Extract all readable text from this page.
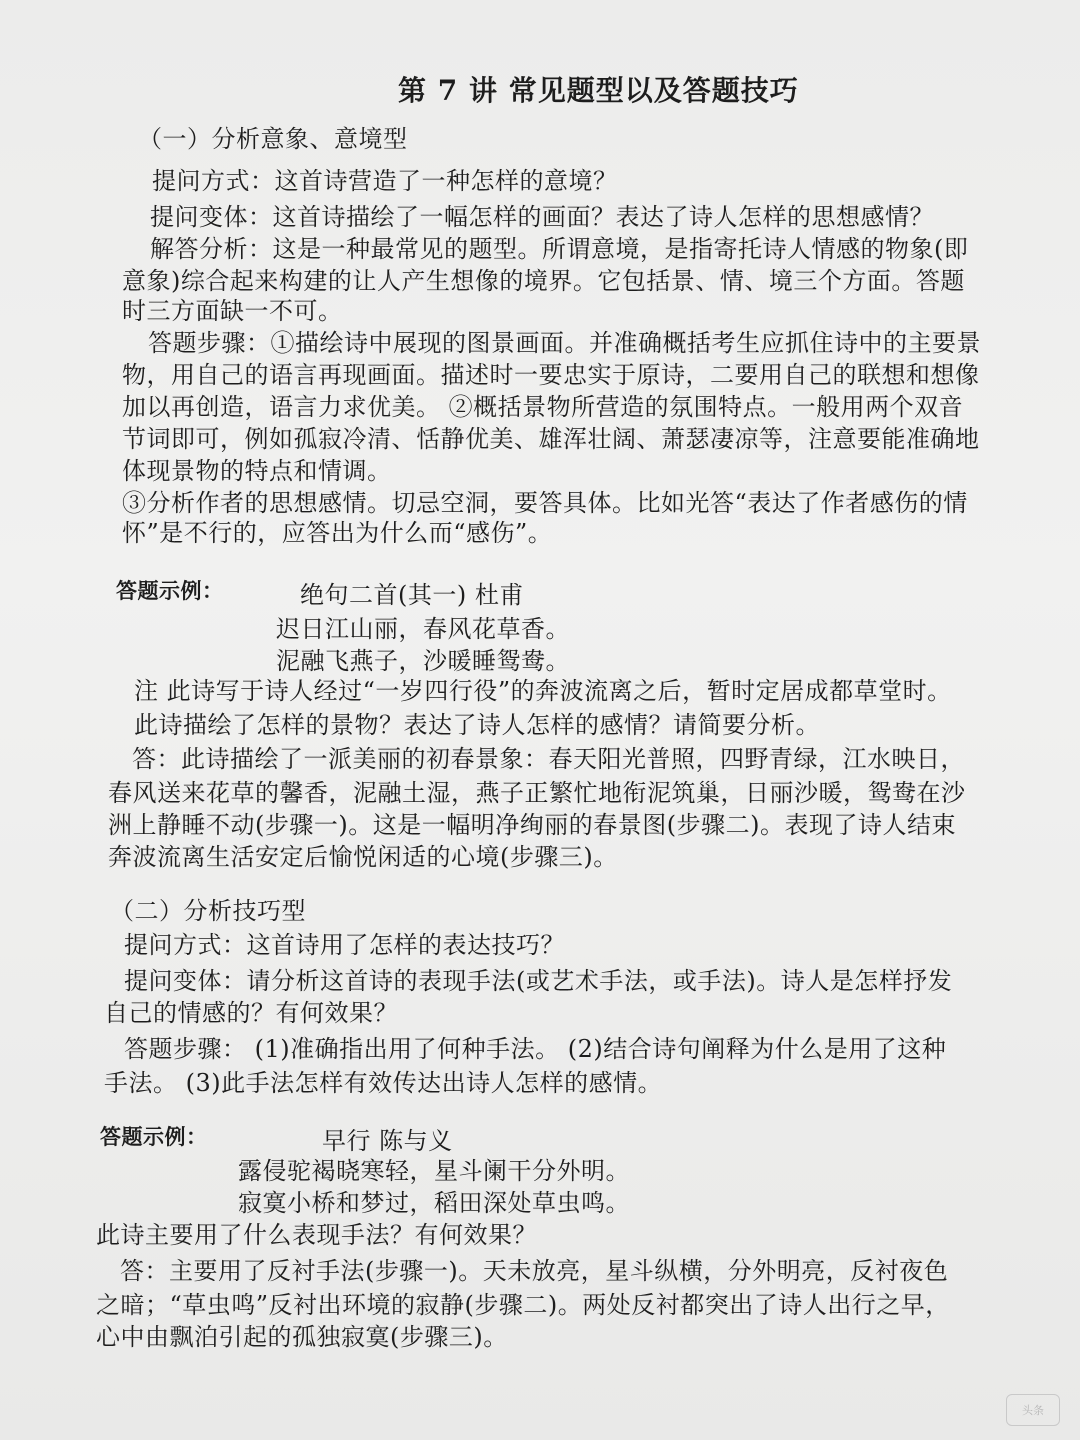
第 7 讲 常见题型以及答题技巧
（一）分析意象、意境型
提问方式：这首诗营造了一种怎样的意境？
提问变体：这首诗描绘了一幅怎样的画面？表达了诗人怎样的思想感情？
解答分析：这是一种最常见的题型。所谓意境，是指寄托诗人情感的物象(即
意象)综合起来构建的让人产生想像的境界。它包括景、情、境三个方面。答题
时三方面缺一不可。
答题步骤：①描绘诗中展现的图景画面。并准确概括考生应抓住诗中的主要景
物，用自己的语言再现画面。描述时一要忠实于原诗，二要用自己的联想和想像
加以再创造，语言力求优美。 ②概括景物所营造的氛围特点。一般用两个双音
节词即可，例如孤寂冷清、恬静优美、雄浑壮阔、萧瑟凄凉等，注意要能准确地
体现景物的特点和情调。
③分析作者的思想感情。切忌空洞，要答具体。比如光答“表达了作者感伤的情
怀”是不行的，应答出为什么而“感伤”。
答题示例：	绝句二首(其一) 杜甫
迟日江山丽，春风花草香。
泥融飞燕子，沙暖睡鸳鸯。
注 此诗写于诗人经过“一岁四行役”的奔波流离之后，暂时定居成都草堂时。
此诗描绘了怎样的景物？表达了诗人怎样的感情？请简要分析。
答：此诗描绘了一派美丽的初春景象：春天阳光普照，四野青绿，江水映日，
春风送来花草的馨香，泥融土湿，燕子正繁忙地衔泥筑巢，日丽沙暖，鸳鸯在沙
洲上静睡不动(步骤一)。这是一幅明净绚丽的春景图(步骤二)。表现了诗人结束
奔波流离生活安定后愉悦闲适的心境(步骤三)。
（二）分析技巧型
提问方式：这首诗用了怎样的表达技巧？
提问变体：请分析这首诗的表现手法(或艺术手法，或手法)。诗人是怎样抒发
自己的情感的？有何效果？
答题步骤： (1)准确指出用了何种手法。 (2)结合诗句阐释为什么是用了这种
手法。 (3)此手法怎样有效传达出诗人怎样的感情。
答题示例：	早行 陈与义
露侵驼褐晓寒轻，星斗阑干分外明。
寂寞小桥和梦过，稻田深处草虫鸣。
此诗主要用了什么表现手法？有何效果？
答：主要用了反衬手法(步骤一)。天未放亮，星斗纵横，分外明亮，反衬夜色
之暗；“草虫鸣”反衬出环境的寂静(步骤二)。两处反衬都突出了诗人出行之早，
心中由飘泊引起的孤独寂寞(步骤三)。
头条
